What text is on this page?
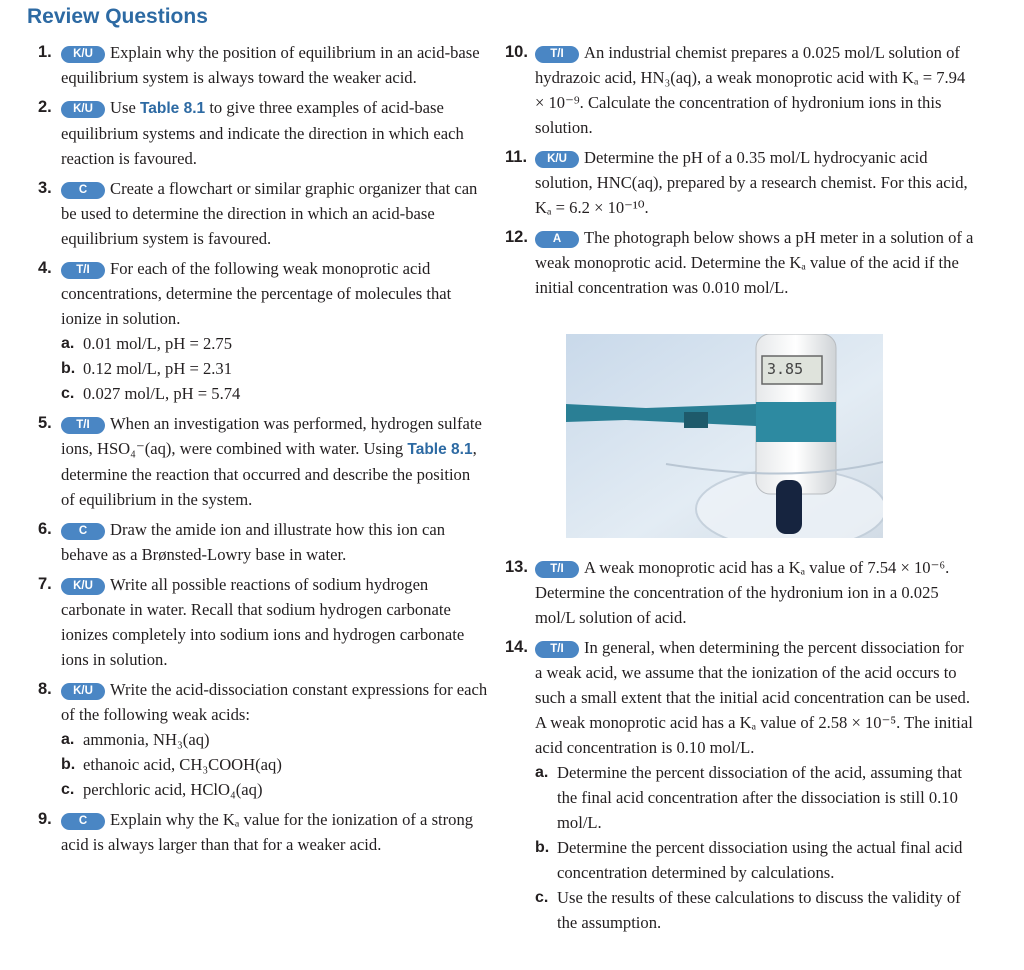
Review Questions
1. K/U Explain why the position of equilibrium in an acid-base equilibrium system is always toward the weaker acid.
2. K/U Use Table 8.1 to give three examples of acid-base equilibrium systems and indicate the direction in which each reaction is favoured.
3. C Create a flowchart or similar graphic organizer that can be used to determine the direction in which an acid-base equilibrium system is favoured.
4. T/I For each of the following weak monoprotic acid concentrations, determine the percentage of molecules that ionize in solution.
a. 0.01 mol/L, pH = 2.75
b. 0.12 mol/L, pH = 2.31
c. 0.027 mol/L, pH = 5.74
5. T/I When an investigation was performed, hydrogen sulfate ions, HSO₄⁻(aq), were combined with water. Using Table 8.1, determine the reaction that occurred and describe the position of equilibrium in the system.
6. C Draw the amide ion and illustrate how this ion can behave as a Brønsted-Lowry base in water.
7. K/U Write all possible reactions of sodium hydrogen carbonate in water. Recall that sodium hydrogen carbonate ionizes completely into sodium ions and hydrogen carbonate ions in solution.
8. K/U Write the acid-dissociation constant expressions for each of the following weak acids:
a. ammonia, NH₃(aq)
b. ethanoic acid, CH₃COOH(aq)
c. perchloric acid, HClO₄(aq)
9. C Explain why the Kₐ value for the ionization of a strong acid is always larger than that for a weaker acid.
10. T/I An industrial chemist prepares a 0.025 mol/L solution of hydrazoic acid, HN₃(aq), a weak monoprotic acid with Kₐ = 7.94 × 10⁻⁹. Calculate the concentration of hydronium ions in this solution.
11. K/U Determine the pH of a 0.35 mol/L hydrocyanic acid solution, HNC(aq), prepared by a research chemist. For this acid, Kₐ = 6.2 × 10⁻¹⁰.
12. A The photograph below shows a pH meter in a solution of a weak monoprotic acid. Determine the Kₐ value of the acid if the initial concentration was 0.010 mol/L.
3.85
13. T/I A weak monoprotic acid has a Kₐ value of 7.54 × 10⁻⁶. Determine the concentration of the hydronium ion in a 0.025 mol/L solution of acid.
14. T/I In general, when determining the percent dissociation for a weak acid, we assume that the ionization of the acid occurs to such a small extent that the initial acid concentration can be used. A weak monoprotic acid has a Kₐ value of 2.58 × 10⁻⁵. The initial acid concentration is 0.10 mol/L.
a. Determine the percent dissociation of the acid, assuming that the final acid concentration after the dissociation is still 0.10 mol/L.
b. Determine the percent dissociation using the actual final acid concentration determined by calculations.
c. Use the results of these calculations to discuss the validity of the assumption.
